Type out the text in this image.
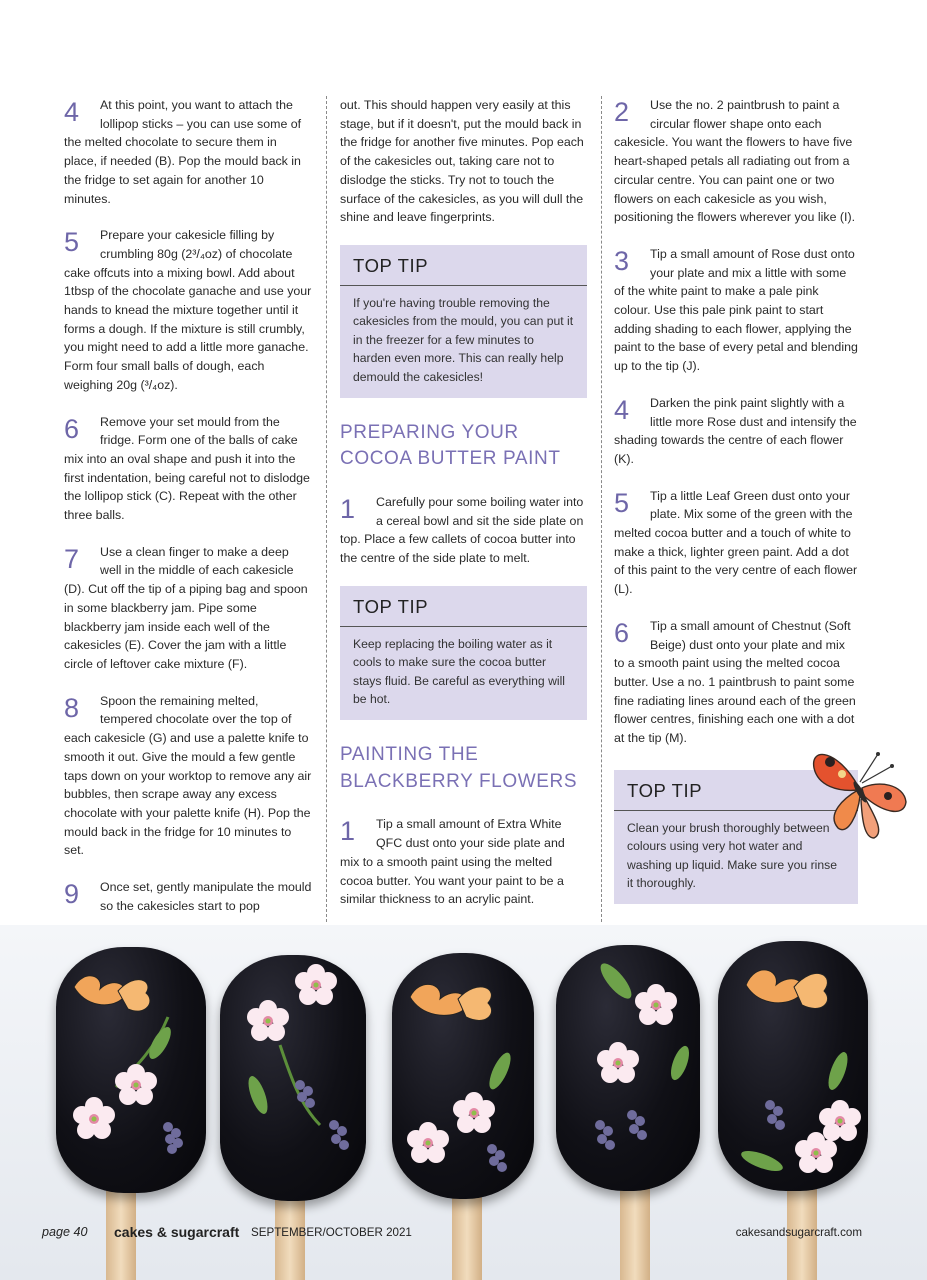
4	At this point, you want to attach the lollipop sticks – you can use some of the melted chocolate to secure them in place, if needed (B). Pop the mould back in the fridge to set again for another 10 minutes.
5	Prepare your cakesicle filling by crumbling 80g (2³/₄oz) of chocolate cake offcuts into a mixing bowl. Add about 1tbsp of the chocolate ganache and use your hands to knead the mixture together until it forms a dough. If the mixture is still crumbly, you might need to add a little more ganache. Form four small balls of dough, each weighing 20g (³/₄oz).
6	Remove your set mould from the fridge. Form one of the balls of cake mix into an oval shape and push it into the first indentation, being careful not to dislodge the lollipop stick (C). Repeat with the other three balls.
7	Use a clean finger to make a deep well in the middle of each cakesicle (D). Cut off the tip of a piping bag and spoon in some blackberry jam. Pipe some blackberry jam inside each well of the cakesicles (E). Cover the jam with a little circle of leftover cake mixture (F).
8	Spoon the remaining melted, tempered chocolate over the top of each cakesicle (G) and use a palette knife to smooth it out. Give the mould a few gentle taps down on your worktop to remove any air bubbles, then scrape away any excess chocolate with your palette knife (H). Pop the mould back in the fridge for 10 minutes to set.
9	Once set, gently manipulate the mould so the cakesicles start to pop
out. This should happen very easily at this stage, but if it doesn't, put the mould back in the fridge for another five minutes. Pop each of the cakesicles out, taking care not to dislodge the sticks. Try not to touch the surface of the cakesicles, as you will dull the shine and leave fingerprints.
TOP TIP
If you're having trouble removing the cakesicles from the mould, you can put it in the freezer for a few minutes to harden even more. This can really help demould the cakesicles!
PREPARING YOUR COCOA BUTTER PAINT
1	Carefully pour some boiling water into a cereal bowl and sit the side plate on top. Place a few callets of cocoa butter into the centre of the side plate to melt.
TOP TIP
Keep replacing the boiling water as it cools to make sure the cocoa butter stays fluid. Be careful as everything will be hot.
PAINTING THE BLACKBERRY FLOWERS
1	Tip a small amount of Extra White QFC dust onto your side plate and mix to a smooth paint using the melted cocoa butter. You want your paint to be a similar thickness to an acrylic paint.
2	Use the no. 2 paintbrush to paint a circular flower shape onto each cakesicle. You want the flowers to have five heart-shaped petals all radiating out from a circular centre. You can paint one or two flowers on each cakesicle as you wish, positioning the flowers wherever you like (I).
3	Tip a small amount of Rose dust onto your plate and mix a little with some of the white paint to make a pale pink colour. Use this pale pink paint to start adding shading to each flower, applying the paint to the base of every petal and blending up to the tip (J).
4	Darken the pink paint slightly with a little more Rose dust and intensify the shading towards the centre of each flower (K).
5	Tip a little Leaf Green dust onto your plate. Mix some of the green with the melted cocoa butter and a touch of white to make a thick, lighter green paint. Add a dot of this paint to the very centre of each flower (L).
6	Tip a small amount of Chestnut (Soft Beige) dust onto your plate and mix to a smooth paint using the melted cocoa butter. Use a no. 1 paintbrush to paint some fine radiating lines around each of the green flower centres, finishing each one with a dot at the tip (M).
TOP TIP
Clean your brush thoroughly between colours using very hot water and washing up liquid. Make sure you rinse it thoroughly.
page 40 cakes & sugarcraft SEPTEMBER/OCTOBER 2021	cakesandsugarcraft.com
